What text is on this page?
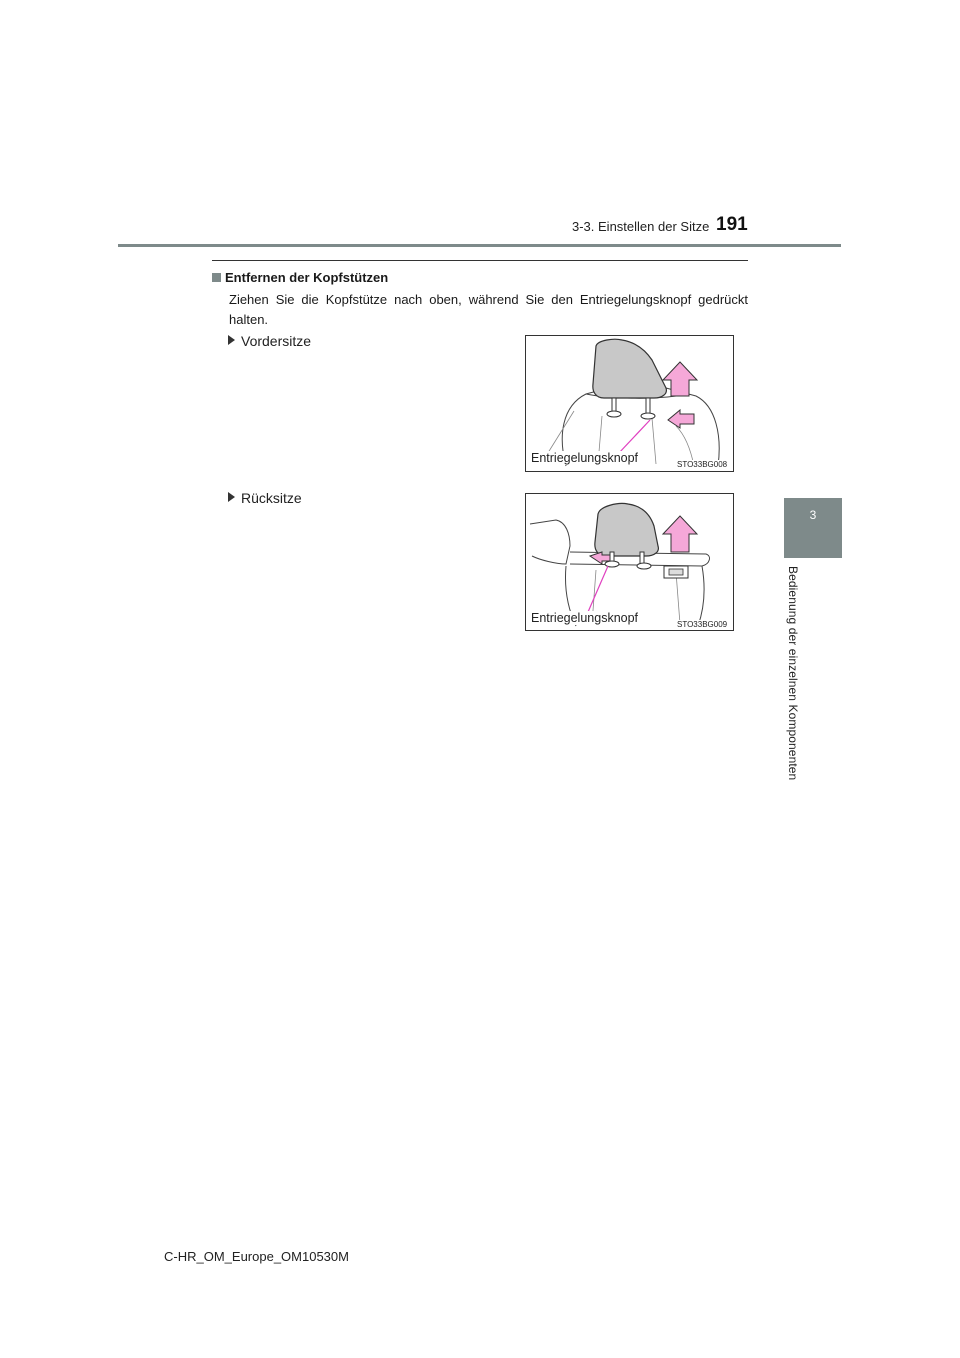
3-3. Einstellen der Sitze 191
3
Bedienung der einzelnen Komponenten
Entfernen der Kopfstützen
Ziehen Sie die Kopfstütze nach oben, während Sie den Entriegelungsknopf gedrückt halten.
Vordersitze
Entriegelungsknopf	STO33BG008
Rücksitze
Entriegelungsknopf	STO33BG009
C-HR_OM_Europe_OM10530M
